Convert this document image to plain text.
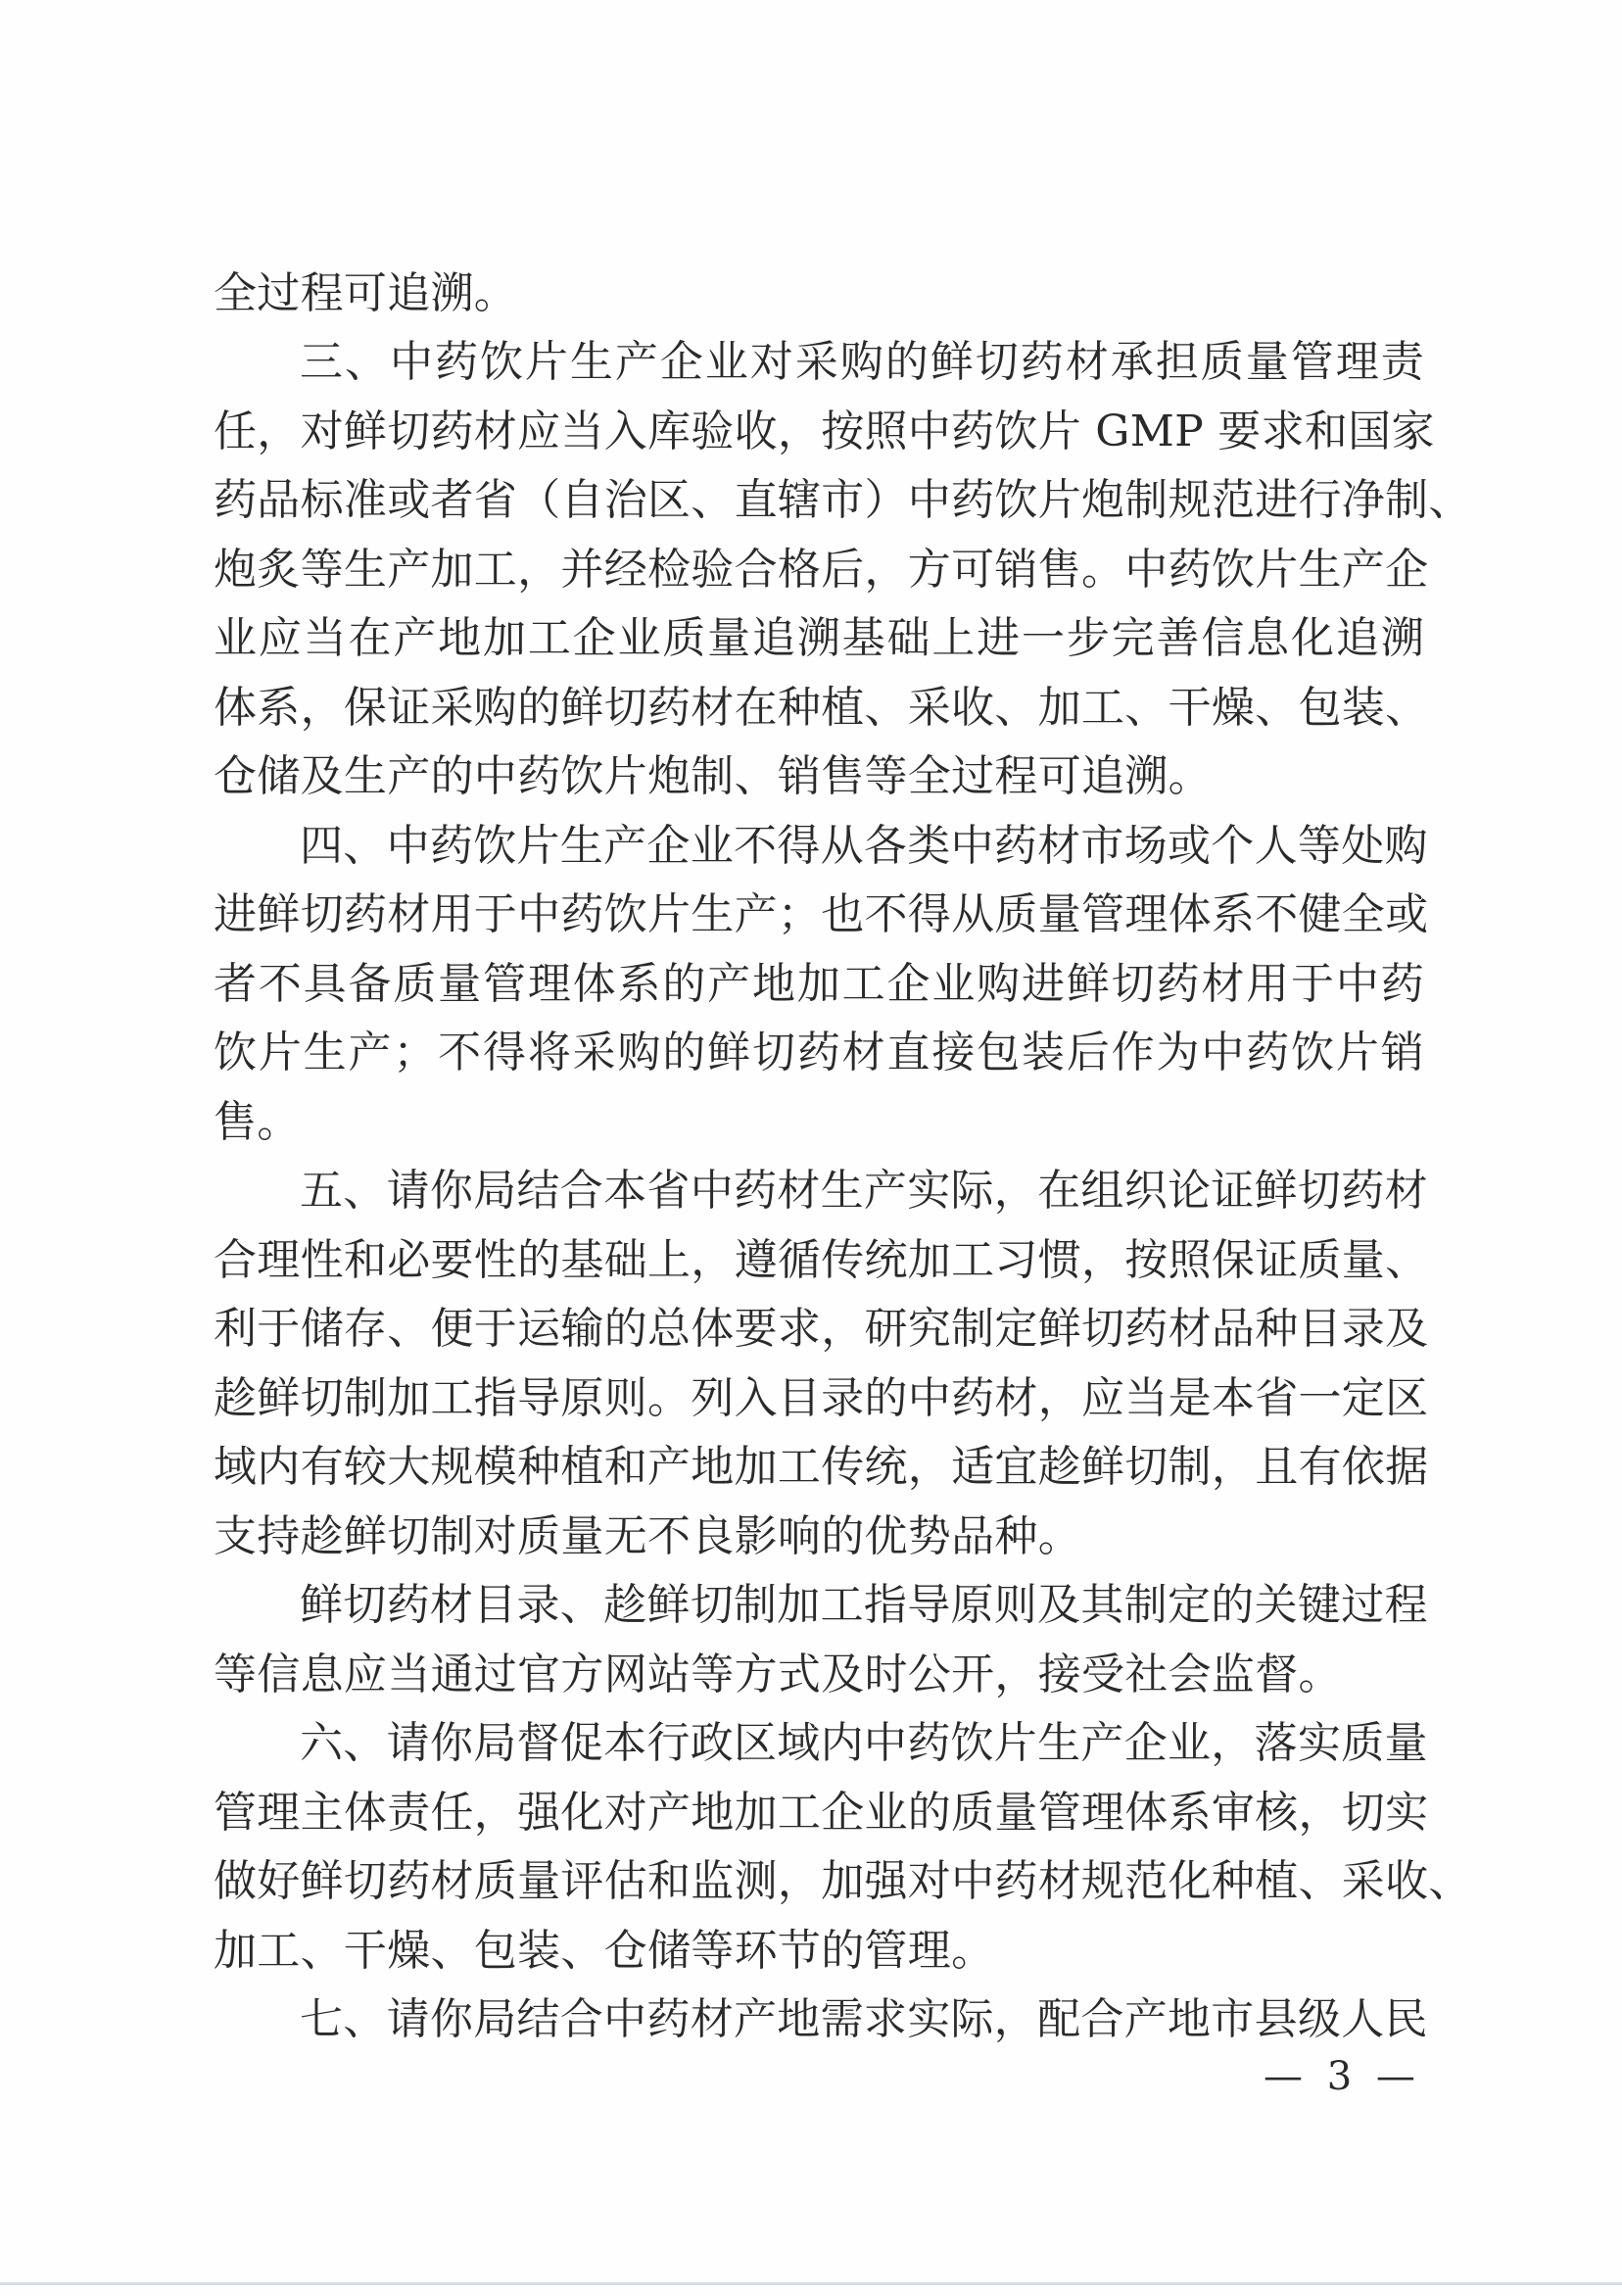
全过程可追溯。
三、中药饮片生产企业对采购的鲜切药材承担质量管理责
任，对鲜切药材应当入库验收，按照中药饮片 GMP 要求和国家
药品标准或者省（自治区、直辖市）中药饮片炮制规范进行净制、
炮炙等生产加工，并经检验合格后，方可销售。中药饮片生产企
业应当在产地加工企业质量追溯基础上进一步完善信息化追溯
体系，保证采购的鲜切药材在种植、采收、加工、干燥、包装、
仓储及生产的中药饮片炮制、销售等全过程可追溯。
四、中药饮片生产企业不得从各类中药材市场或个人等处购
进鲜切药材用于中药饮片生产；也不得从质量管理体系不健全或
者不具备质量管理体系的产地加工企业购进鲜切药材用于中药
饮片生产；不得将采购的鲜切药材直接包装后作为中药饮片销
售。
五、请你局结合本省中药材生产实际，在组织论证鲜切药材
合理性和必要性的基础上，遵循传统加工习惯，按照保证质量、
利于储存、便于运输的总体要求，研究制定鲜切药材品种目录及
趁鲜切制加工指导原则。列入目录的中药材，应当是本省一定区
域内有较大规模种植和产地加工传统，适宜趁鲜切制，且有依据
支持趁鲜切制对质量无不良影响的优势品种。
鲜切药材目录、趁鲜切制加工指导原则及其制定的关键过程
等信息应当通过官方网站等方式及时公开，接受社会监督。
六、请你局督促本行政区域内中药饮片生产企业，落实质量
管理主体责任，强化对产地加工企业的质量管理体系审核，切实
做好鲜切药材质量评估和监测，加强对中药材规范化种植、采收、
加工、干燥、包装、仓储等环节的管理。
七、请你局结合中药材产地需求实际，配合产地市县级人民
— 3 —
